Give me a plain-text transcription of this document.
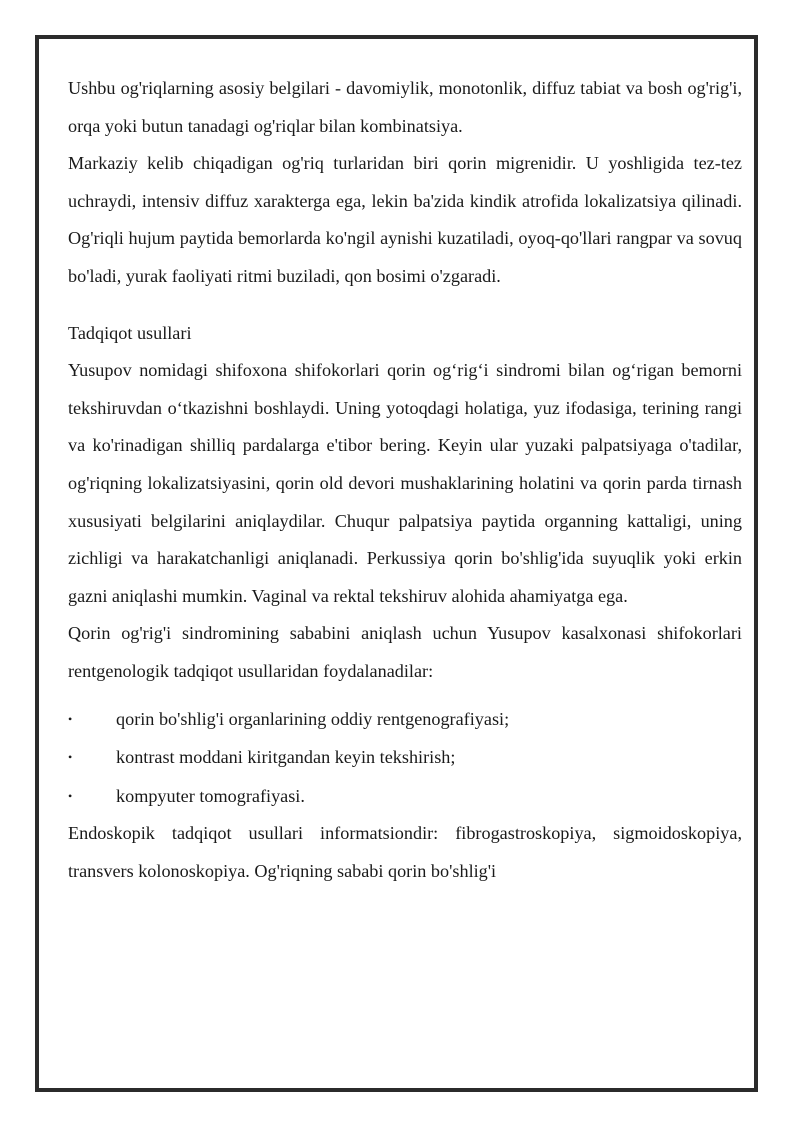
Ushbu og'riqlarning asosiy belgilari - davomiylik, monotonlik, diffuz tabiat va bosh og'rig'i, orqa yoki butun tanadagi og'riqlar bilan kombinatsiya.

Markaziy kelib chiqadigan og'riq turlaridan biri qorin migrenidir. U yoshligida tez-tez uchraydi, intensiv diffuz xarakterga ega, lekin ba'zida kindik atrofida lokalizatsiya qilinadi. Og'riqli hujum paytida bemorlarda ko'ngil aynishi kuzatiladi, oyoq-qo'llari rangpar va sovuq bo'ladi, yurak faoliyati ritmi buziladi, qon bosimi o'zgaradi.

Tadqiqot usullari

Yusupov nomidagi shifoxona shifokorlari qorin og‘rig‘i sindromi bilan og‘rigan bemorni tekshiruvdan o‘tkazishni boshlaydi. Uning yotoqdagi holatiga, yuz ifodasiga, terining rangi va ko'rinadigan shilliq pardalarga e'tibor bering. Keyin ular yuzaki palpatsiyaga o'tadilar, og'riqning lokalizatsiyasini, qorin old devori mushaklarining holatini va qorin parda tirnash xususiyati belgilarini aniqlaydilar. Chuqur palpatsiya paytida organning kattaligi, uning zichligi va harakatchanligi aniqlanadi. Perkussiya qorin bo'shlig'ida suyuqlik yoki erkin gazni aniqlashi mumkin. Vaginal va rektal tekshiruv alohida ahamiyatga ega.

Qorin og'rig'i sindromining sababini aniqlash uchun Yusupov kasalxonasi shifokorlari rentgenologik tadqiqot usullaridan foydalanadilar:

• qorin bo'shlig'i organlarining oddiy rentgenografiyasi;
• kontrast moddani kiritgandan keyin tekshirish;
• kompyuter tomografiyasi.

Endoskopik tadqiqot usullari informatsiondir: fibrogastroskopiya, sigmoidoskopiya, transvers kolonoskopiya. Og'riqning sababi qorin bo'shlig'i
